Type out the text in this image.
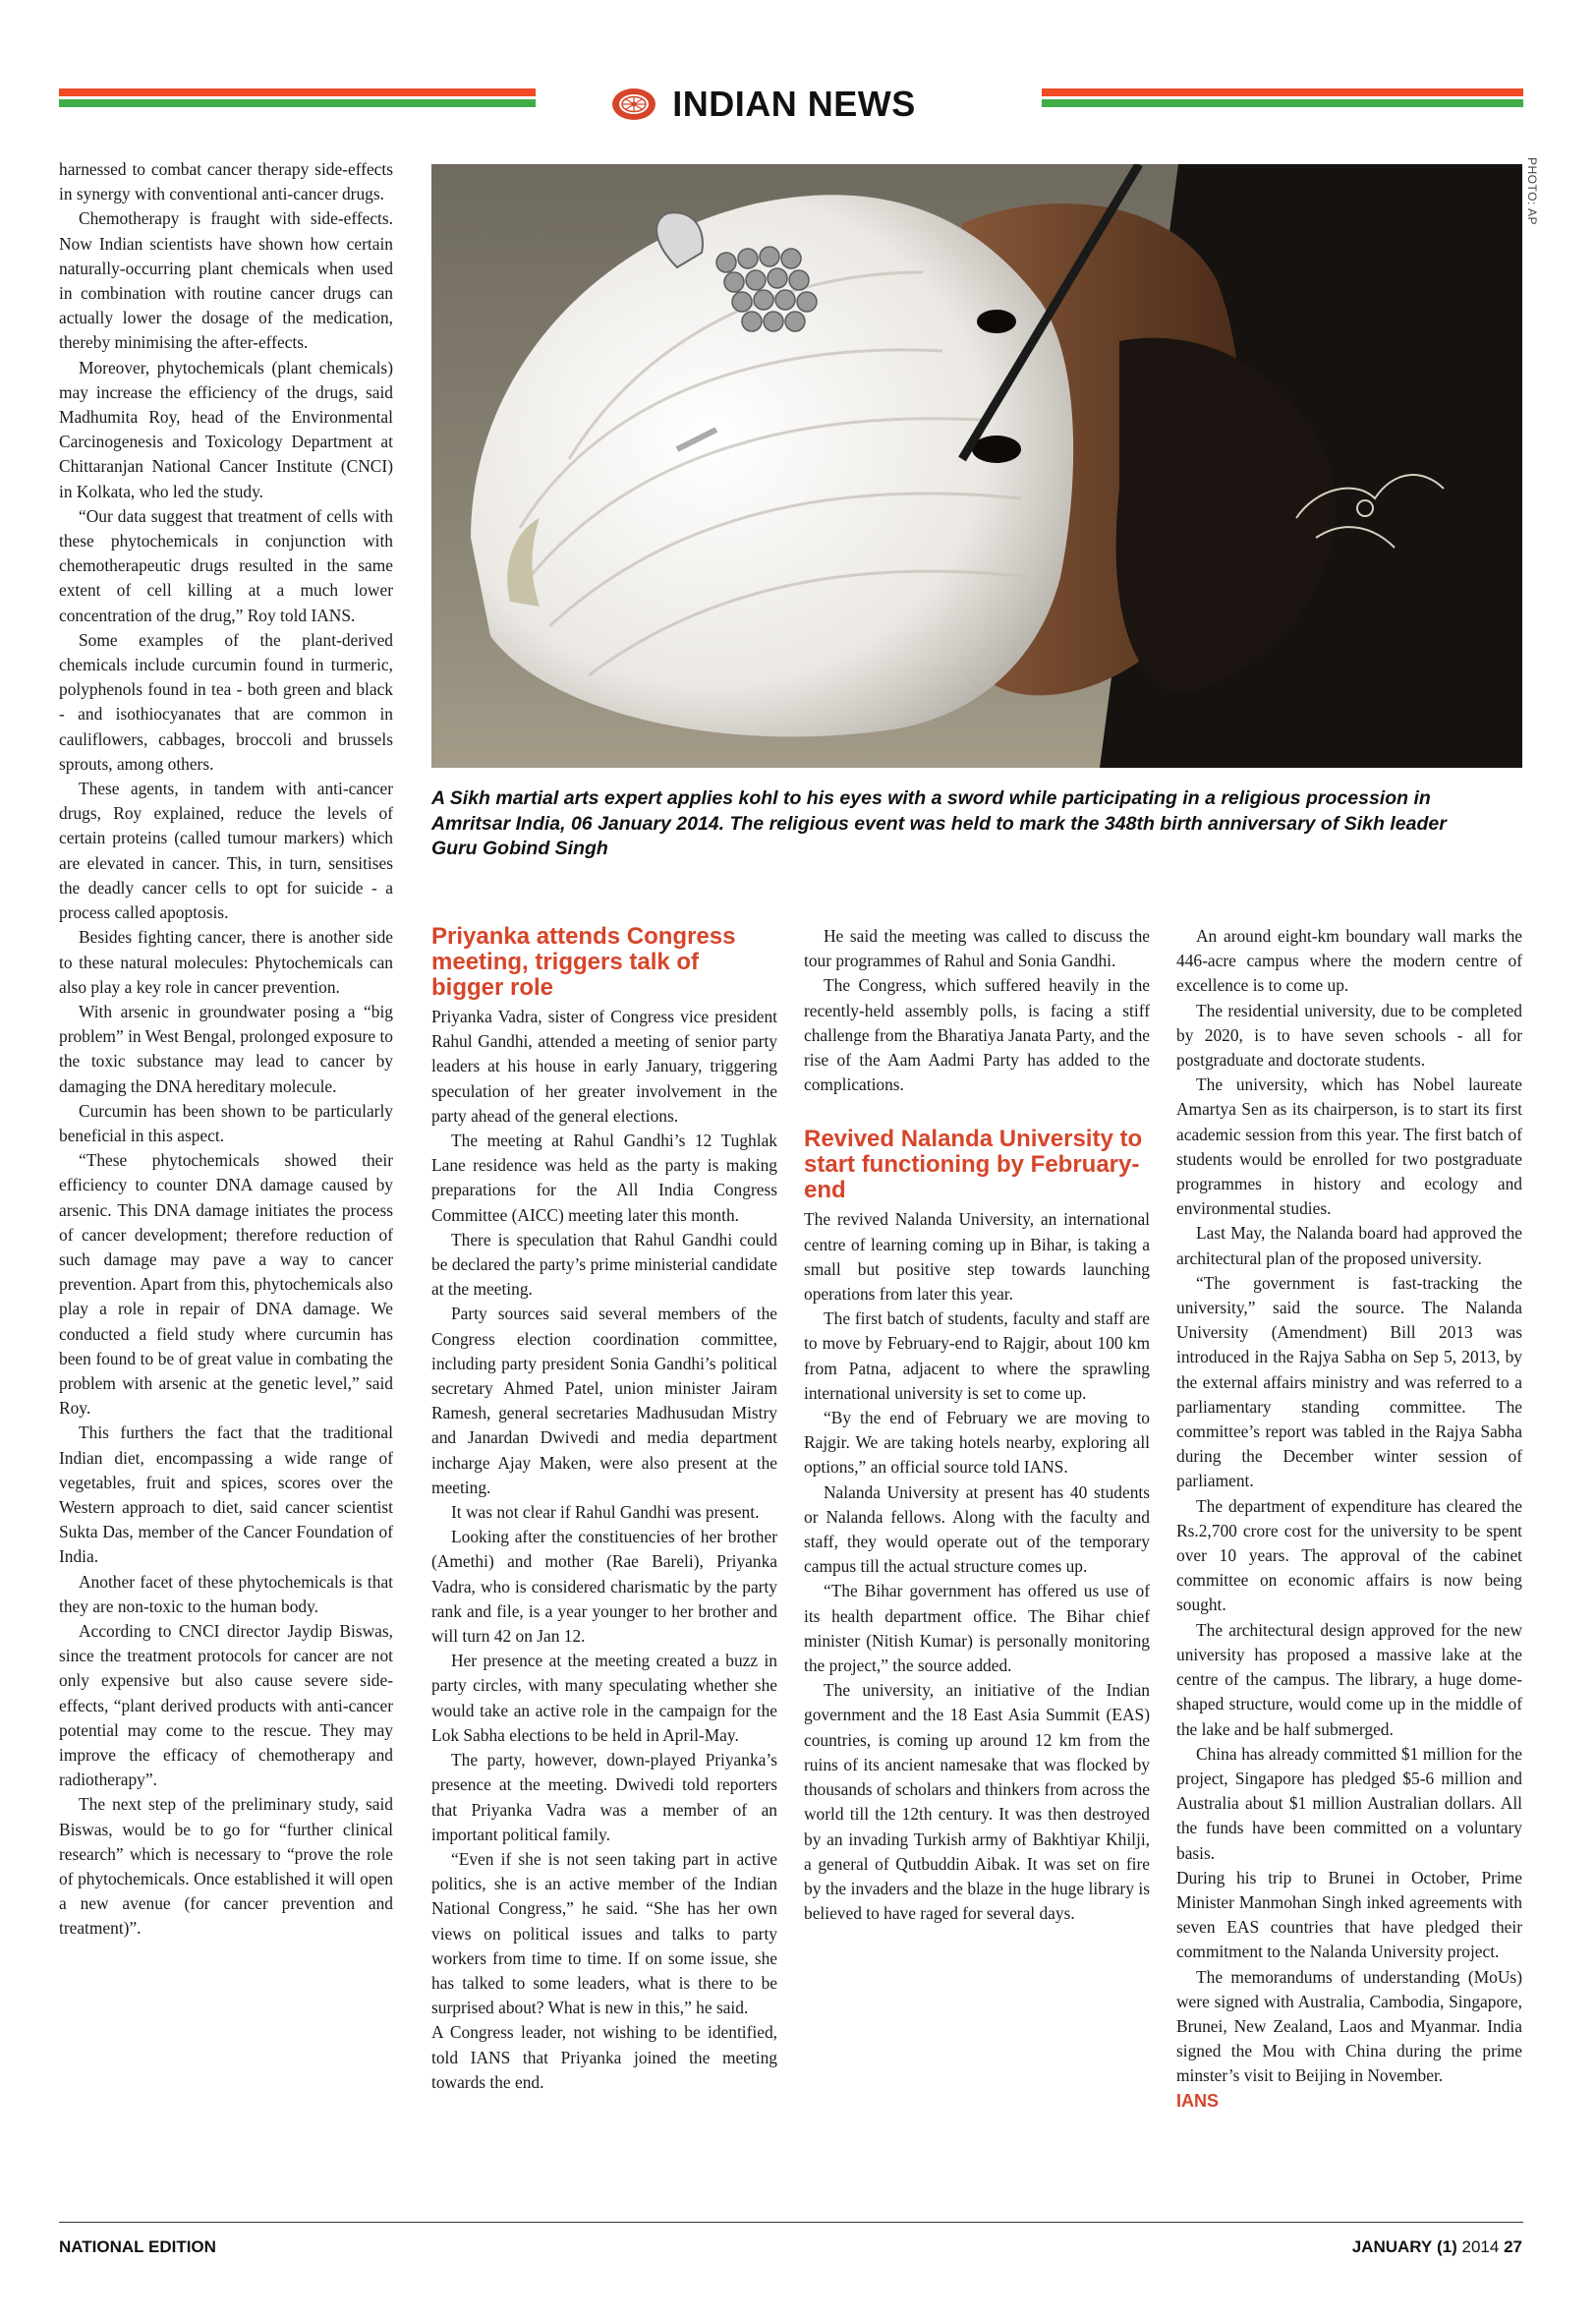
INDIAN NEWS
PHOTO: AP
A Sikh martial arts expert applies kohl to his eyes with a sword while participating in a religious procession in
Amritsar India, 06 January 2014. The religious event was held to mark the 348th birth anniversary of Sikh leader
Guru Gobind Singh

harnessed to combat cancer therapy side-effects in synergy with conventional anti-cancer drugs.

Chemotherapy is fraught with side-effects. Now Indian scientists have shown how certain naturally-occurring plant chemicals when used in combination with routine cancer drugs can actually lower the dosage of the medication, thereby minimising the after-effects.

Moreover, phytochemicals (plant chemicals) may increase the efficiency of the drugs, said Madhumita Roy, head of the Environmental Carcinogenesis and Toxicology Department at Chittaranjan National Cancer Institute (CNCI) in Kolkata, who led the study.

“Our data suggest that treatment of cells with these phytochemicals in conjunction with chemotherapeutic drugs resulted in the same extent of cell killing at a much lower concentration of the drug,” Roy told IANS.

Some examples of the plant-derived chemicals include curcumin found in turmeric, polyphenols found in tea - both green and black - and isothiocyanates that are common in cauliflowers, cabbages, broccoli and brussels sprouts, among others.

These agents, in tandem with anti-cancer drugs, Roy explained, reduce the levels of certain proteins (called tumour markers) which are elevated in cancer. This, in turn, sensitises the deadly cancer cells to opt for suicide - a process called apoptosis.

Besides fighting cancer, there is another side to these natural molecules: Phytochemicals can also play a key role in cancer prevention.

With arsenic in groundwater posing a “big problem” in West Bengal, prolonged exposure to the toxic substance may lead to cancer by damaging the DNA hereditary molecule.

Curcumin has been shown to be particularly beneficial in this aspect.

“These phytochemicals showed their efficiency to counter DNA damage caused by arsenic. This DNA damage initiates the process of cancer development; therefore reduction of such damage may pave a way to cancer prevention. Apart from this, phytochemicals also play a role in repair of DNA damage. We conducted a field study where curcumin has been found to be of great value in combating the problem with arsenic at the genetic level,” said Roy.

This furthers the fact that the traditional Indian diet, encompassing a wide range of vegetables, fruit and spices, scores over the Western approach to diet, said cancer scientist Sukta Das, member of the Cancer Foundation of India.

Another facet of these phytochemicals is that they are non-toxic to the human body.

According to CNCI director Jaydip Biswas, since the treatment protocols for cancer are not only expensive but also cause severe side-effects, “plant derived products with anti-cancer potential may come to the rescue. They may improve the efficacy of chemotherapy and radiotherapy”.

The next step of the preliminary study, said Biswas, would be to go for “further clinical research” which is necessary to “prove the role of phytochemicals. Once established it will open a new avenue (for cancer prevention and treatment)”.

Priyanka attends Congress meeting, triggers talk of bigger role

Priyanka Vadra, sister of Congress vice president Rahul Gandhi, attended a meeting of senior party leaders at his house in early January, triggering speculation of her greater involvement in the party ahead of the general elections.

The meeting at Rahul Gandhi’s 12 Tughlak Lane residence was held as the party is making preparations for the All India Congress Committee (AICC) meeting later this month.

There is speculation that Rahul Gandhi could be declared the party’s prime ministerial candidate at the meeting.

Party sources said several members of the Congress election coordination committee, including party president Sonia Gandhi’s political secretary Ahmed Patel, union minister Jairam Ramesh, general secretaries Madhusudan Mistry and Janardan Dwivedi and media department incharge Ajay Maken, were also present at the meeting.

It was not clear if Rahul Gandhi was present.

Looking after the constituencies of her brother (Amethi) and mother (Rae Bareli), Priyanka Vadra, who is considered charismatic by the party rank and file, is a year younger to her brother and will turn 42 on Jan 12.

Her presence at the meeting created a buzz in party circles, with many speculating whether she would take an active role in the campaign for the Lok Sabha elections to be held in April-May.

The party, however, down-played Priyanka’s presence at the meeting. Dwivedi told reporters that Priyanka Vadra was a member of an important political family.

“Even if she is not seen taking part in active politics, she is an active member of the Indian National Congress,” he said. “She has her own views on political issues and talks to party workers from time to time. If on some issue, she has talked to some leaders, what is there to be surprised about? What is new in this,” he said.

A Congress leader, not wishing to be identified, told IANS that Priyanka joined the meeting towards the end.

He said the meeting was called to discuss the tour programmes of Rahul and Sonia Gandhi.

The Congress, which suffered heavily in the recently-held assembly polls, is facing a stiff challenge from the Bharatiya Janata Party, and the rise of the Aam Aadmi Party has added to the complications.

Revived Nalanda University to start functioning by February-end

The revived Nalanda University, an international centre of learning coming up in Bihar, is taking a small but positive step towards launching operations from later this year.

The first batch of students, faculty and staff are to move by February-end to Rajgir, about 100 km from Patna, adjacent to where the sprawling international university is set to come up.

“By the end of February we are moving to Rajgir. We are taking hotels nearby, exploring all options,” an official source told IANS.

Nalanda University at present has 40 students or Nalanda fellows. Along with the faculty and staff, they would operate out of the temporary campus till the actual structure comes up.

“The Bihar government has offered us use of its health department office. The Bihar chief minister (Nitish Kumar) is personally monitoring the project,” the source added.

The university, an initiative of the Indian government and the 18 East Asia Summit (EAS) countries, is coming up around 12 km from the ruins of its ancient namesake that was flocked by thousands of scholars and thinkers from across the world till the 12th century. It was then destroyed by an invading Turkish army of Bakhtiyar Khilji, a general of Qutbuddin Aibak. It was set on fire by the invaders and the blaze in the huge library is believed to have raged for several days.

An around eight-km boundary wall marks the 446-acre campus where the modern centre of excellence is to come up.

The residential university, due to be completed by 2020, is to have seven schools - all for postgraduate and doctorate students.

The university, which has Nobel laureate Amartya Sen as its chairperson, is to start its first academic session from this year. The first batch of students would be enrolled for two postgraduate programmes in history and ecology and environmental studies.

Last May, the Nalanda board had approved the architectural plan of the proposed university.

“The government is fast-tracking the university,” said the source. The Nalanda University (Amendment) Bill 2013 was introduced in the Rajya Sabha on Sep 5, 2013, by the external affairs ministry and was referred to a parliamentary standing committee. The committee’s report was tabled in the Rajya Sabha during the December winter session of parliament.

The department of expenditure has cleared the Rs.2,700 crore cost for the university to be spent over 10 years. The approval of the cabinet committee on economic affairs is now being sought.

The architectural design approved for the new university has proposed a massive lake at the centre of the campus. The library, a huge dome-shaped structure, would come up in the middle of the lake and be half submerged.

China has already committed $1 million for the project, Singapore has pledged $5-6 million and Australia about $1 million Australian dollars. All the funds have been committed on a voluntary basis.

During his trip to Brunei in October, Prime Minister Manmohan Singh inked agreements with seven EAS countries that have pledged their commitment to the Nalanda University project.

The memorandums of understanding (MoUs) were signed with Australia, Cambodia, Singapore, Brunei, New Zealand, Laos and Myanmar. India signed the Mou with China during the prime minster’s visit to Beijing in November.

IANS
NATIONAL EDITION	JANUARY (1) 2014 27
